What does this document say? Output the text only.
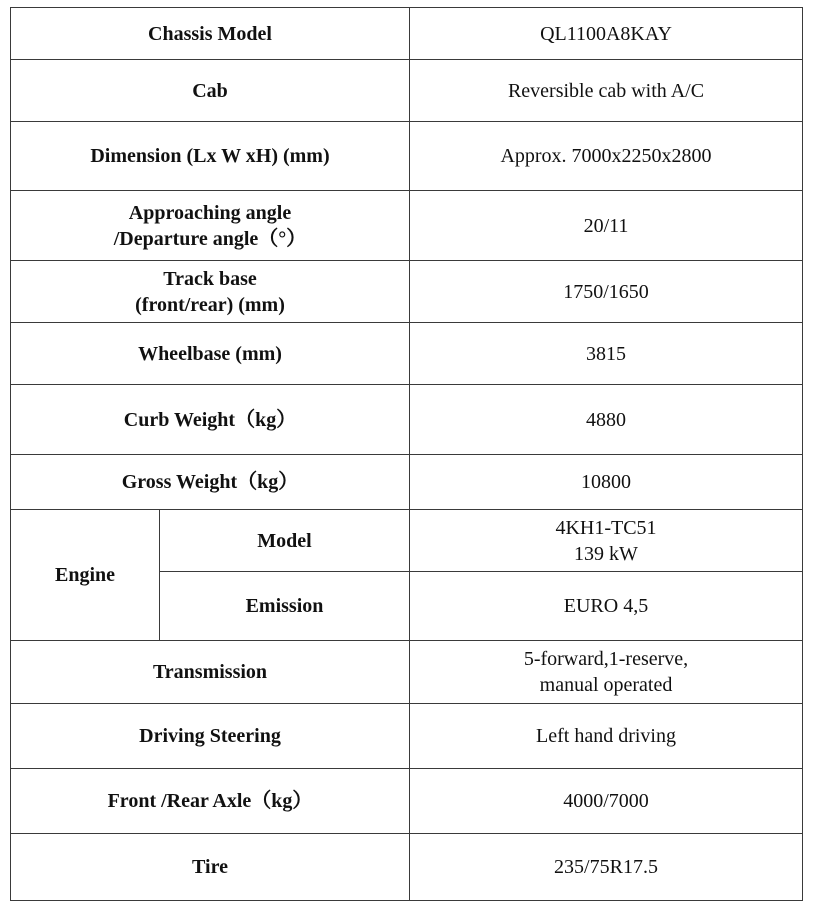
Chassis Model		QL1100A8KAY
Cab		Reversible cab with A/C
Dimension (Lx W xH) (mm)		Approx. 7000x2250x2800

Approaching angle
/Departure angle（°）		20/11

Track base
(front/rear) (mm)		1750/1650
Wheelbase (mm)		3815
Curb Weight（kg）		4880
Gross Weight（kg）		10800
Engine	Model	4KH1-TC51
139 kW

	Emission	EURO 4,5
Transmission		5-forward,1-reserve,
manual operated

Driving Steering		Left hand driving
Front /Rear Axle（kg）		4000/7000
Tire		235/75R17.5
